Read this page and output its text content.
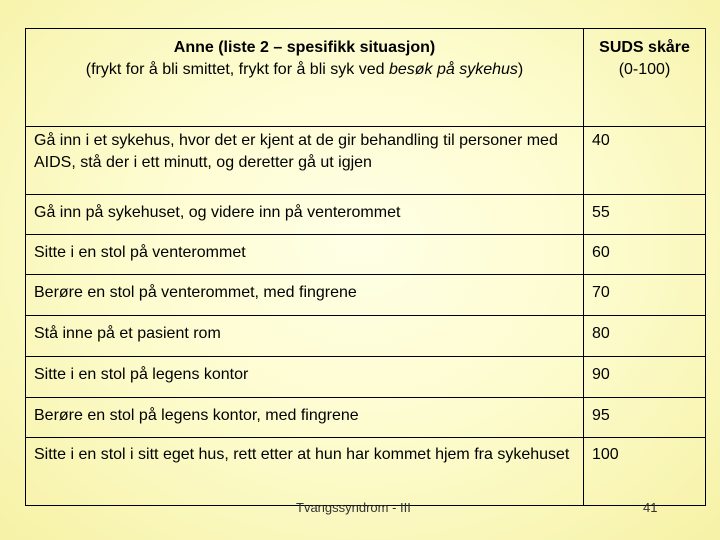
Anne (liste 2 – spesifikk situasjon)
(frykt for å bli smittet, frykt for å bli syk ved besøk på sykehus)	SUDS skåre
(0-100)

Gå inn i et sykehus, hvor det er kjent at de gir behandling til personer med AIDS, stå der i ett minutt, og deretter gå ut igjen	40
Gå inn på sykehuset, og videre inn på venterommet	55
Sitte i en stol på venterommet	60
Berøre en stol på venterommet, med fingrene	70
Stå inne på et pasient rom	80
Sitte i en stol på legens kontor	90
Berøre en stol på legens kontor, med fingrene	95
Sitte i en stol i sitt eget hus, rett etter at hun har kommet hjem fra sykehuset	100
Tvangssyndrom - III	41
